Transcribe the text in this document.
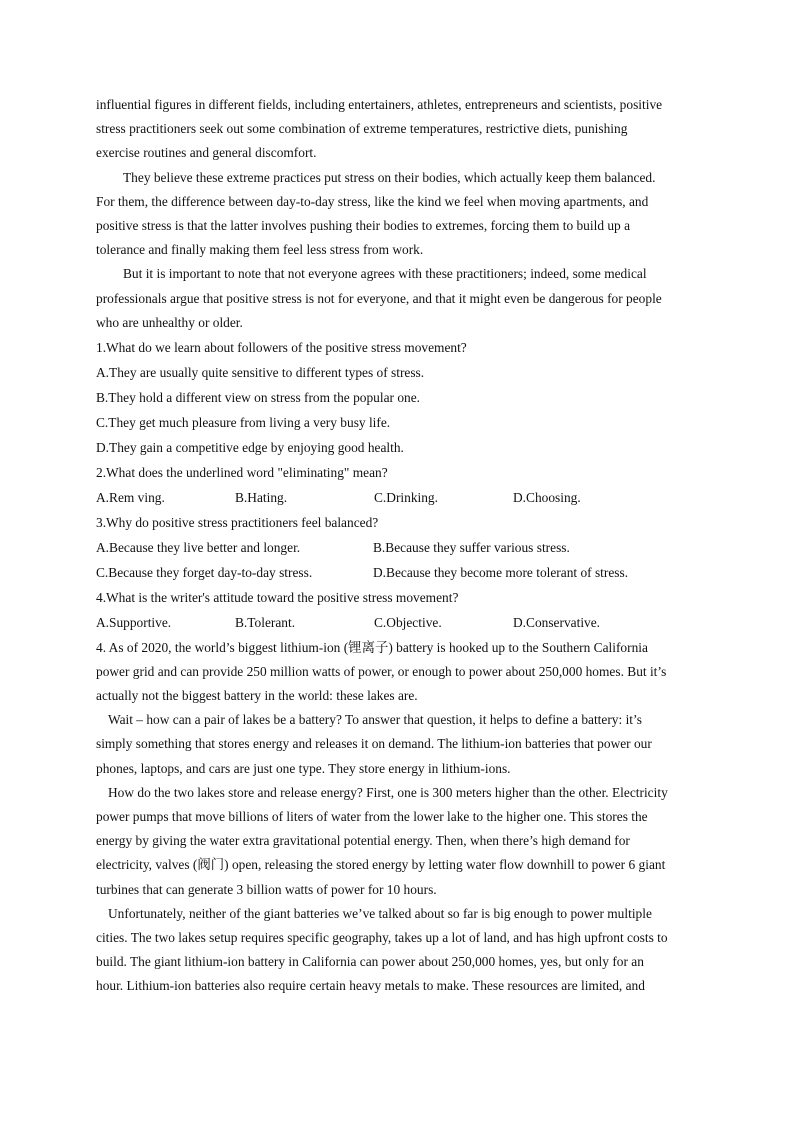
influential figures in different fields, including entertainers, athletes, entrepreneurs and scientists, positive
stress practitioners seek out some combination of extreme temperatures, restrictive diets, punishing
exercise routines and general discomfort.

They believe these extreme practices put stress on their bodies, which actually keep them balanced.

For them, the difference between day-to-day stress, like the kind we feel when moving apartments, and
positive stress is that the latter involves pushing their bodies to extremes, forcing them to build up a
tolerance and finally making them feel less stress from work.

But it is important to note that not everyone agrees with these practitioners; indeed, some medical
professionals argue that positive stress is not for everyone, and that it might even be dangerous for people
who are unhealthy or older.

1.What do we learn about followers of the positive stress movement?
A.They are usually quite sensitive to different types of stress.
B.They hold a different view on stress from the popular one.
C.They get much pleasure from living a very busy life.
D.They gain a competitive edge by enjoying good health.
2.What does the underlined word "eliminating" mean?
A.Rem ving.	B.Hating.	C.Drinking.	D.Choosing.
3.Why do positive stress practitioners feel balanced?
A.Because they live better and longer.	B.Because they suffer various stress.
C.Because they forget day-to-day stress.	D.Because they become more tolerant of stress.
4.What is the writer's attitude toward the positive stress movement?
A.Supportive.	B.Tolerant.	C.Objective.	D.Conservative.

4. As of 2020, the world’s biggest lithium-ion (锂离子) battery is hooked up to the Southern California
power grid and can provide 250 million watts of power, or enough to power about 250,000 homes. But it’s
actually not the biggest battery in the world: these lakes are.

Wait – how can a pair of lakes be a battery? To answer that question, it helps to define a battery: it’s
simply something that stores energy and releases it on demand. The lithium-ion batteries that power our
phones, laptops, and cars are just one type. They store energy in lithium-ions.

How do the two lakes store and release energy? First, one is 300 meters higher than the other. Electricity
power pumps that move billions of liters of water from the lower lake to the higher one. This stores the
energy by giving the water extra gravitational potential energy. Then, when there’s high demand for
electricity, valves (阀门) open, releasing the stored energy by letting water flow downhill to power 6 giant
turbines that can generate 3 billion watts of power for 10 hours.

Unfortunately, neither of the giant batteries we’ve talked about so far is big enough to power multiple
cities. The two lakes setup requires specific geography, takes up a lot of land, and has high upfront costs to
build. The giant lithium-ion battery in California can power about 250,000 homes, yes, but only for an
hour. Lithium-ion batteries also require certain heavy metals to make. These resources are limited, and
